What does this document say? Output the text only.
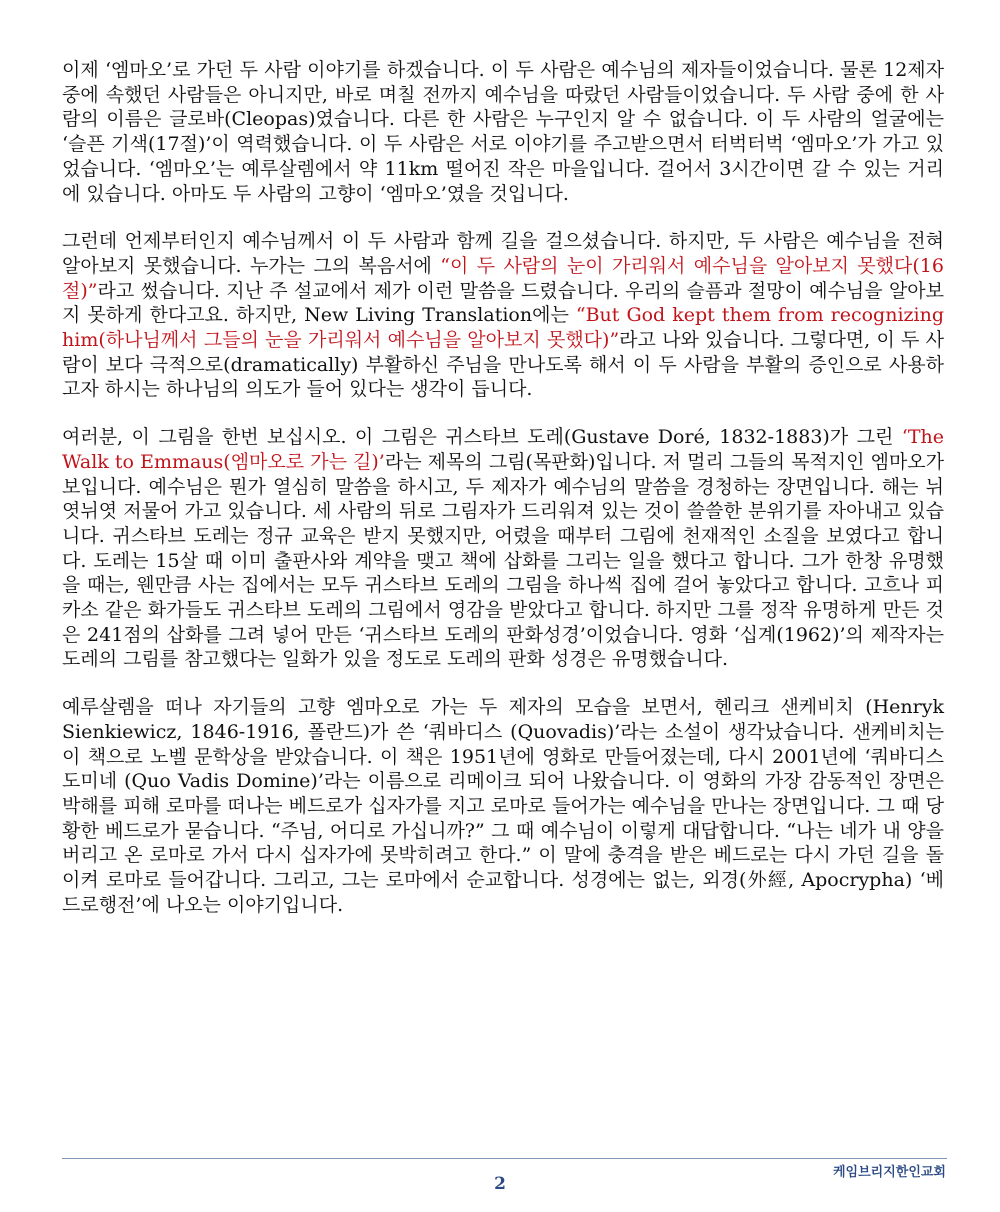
이제 ‘엠마오’로 가던 두 사람 이야기를 하겠습니다. 이 두 사람은 예수님의 제자들이었습니다. 물론 12제자 중에 속했던 사람들은 아니지만, 바로 며칠 전까지 예수님을 따랐던 사람들이었습니다. 두 사람 중에 한 사람의 이름은 글로바(Cleopas)였습니다. 다른 한 사람은 누구인지 알 수 없습니다. 이 두 사람의 얼굴에는 ‘슬픈 기색(17절)’이 역력했습니다. 이 두 사람은 서로 이야기를 주고받으면서 터벅터벅 ‘엠마오’가 가고 있었습니다. ‘엠마오’는 예루살렘에서 약 11km 떨어진 작은 마을입니다. 걸어서 3시간이면 갈 수 있는 거리에 있습니다. 아마도 두 사람의 고향이 ‘엠마오’였을 것입니다.

그런데 언제부터인지 예수님께서 이 두 사람과 함께 길을 걸으셨습니다. 하지만, 두 사람은 예수님을 전혀 알아보지 못했습니다. 누가는 그의 복음서에 “이 두 사람의 눈이 가리워서 예수님을 알아보지 못했다(16절)”라고 썼습니다. 지난 주 설교에서 제가 이런 말씀을 드렸습니다. 우리의 슬픔과 절망이 예수님을 알아보지 못하게 한다고요. 하지만, New Living Translation에는 “But God kept them from recognizing him(하나님께서 그들의 눈을 가리워서 예수님을 알아보지 못했다)”라고 나와 있습니다. 그렇다면, 이 두 사람이 보다 극적으로(dramatically) 부활하신 주님을 만나도록 해서 이 두 사람을 부활의 증인으로 사용하고자 하시는 하나님의 의도가 들어 있다는 생각이 듭니다.

여러분, 이 그림을 한번 보십시오. 이 그림은 귀스타브 도레(Gustave Doré, 1832-1883)가 그린 ‘The Walk to Emmaus(엠마오로 가는 길)’라는 제목의 그림(목판화)입니다. 저 멀리 그들의 목적지인 엠마오가 보입니다. 예수님은 뭔가 열심히 말씀을 하시고, 두 제자가 예수님의 말씀을 경청하는 장면입니다. 해는 뉘엿뉘엿 저물어 가고 있습니다. 세 사람의 뒤로 그림자가 드리워져 있는 것이 쓸쓸한 분위기를 자아내고 있습니다. 귀스타브 도레는 정규 교육은 받지 못했지만, 어렸을 때부터 그림에 천재적인 소질을 보였다고 합니다. 도레는 15살 때 이미 출판사와 계약을 맺고 책에 삽화를 그리는 일을 했다고 합니다. 그가 한창 유명했을 때는, 웬만큼 사는 집에서는 모두 귀스타브 도레의 그림을 하나씩 집에 걸어 놓았다고 합니다. 고흐나 피카소 같은 화가들도 귀스타브 도레의 그림에서 영감을 받았다고 합니다. 하지만 그를 정작 유명하게 만든 것은 241점의 삽화를 그려 넣어 만든 ‘귀스타브 도레의 판화성경’이었습니다. 영화 ‘십계(1962)’의 제작자는 도레의 그림를 참고했다는 일화가 있을 정도로 도레의 판화 성경은 유명했습니다.

예루살렘을 떠나 자기들의 고향 엠마오로 가는 두 제자의 모습을 보면서, 헨리크 샌케비치 (Henryk Sienkiewicz, 1846-1916, 폴란드)가 쓴 ‘쿼바디스 (Quovadis)’라는 소설이 생각났습니다. 샌케비치는 이 책으로 노벨 문학상을 받았습니다. 이 책은 1951년에 영화로 만들어졌는데, 다시 2001년에 ‘쿼바디스 도미네 (Quo Vadis Domine)’라는 이름으로 리메이크 되어 나왔습니다. 이 영화의 가장 감동적인 장면은 박해를 피해 로마를 떠나는 베드로가 십자가를 지고 로마로 들어가는 예수님을 만나는 장면입니다. 그 때 당황한 베드로가 묻습니다. “주님, 어디로 가십니까?” 그 때 예수님이 이렇게 대답합니다. “나는 네가 내 양을 버리고 온 로마로 가서 다시 십자가에 못박히려고 한다.” 이 말에 충격을 받은 베드로는 다시 가던 길을 돌이켜 로마로 들어갑니다. 그리고, 그는 로마에서 순교합니다. 성경에는 없는, 외경(外經, Apocrypha) ‘베드로행전’에 나오는 이야기입니다.

케임브리지한인교회
2
